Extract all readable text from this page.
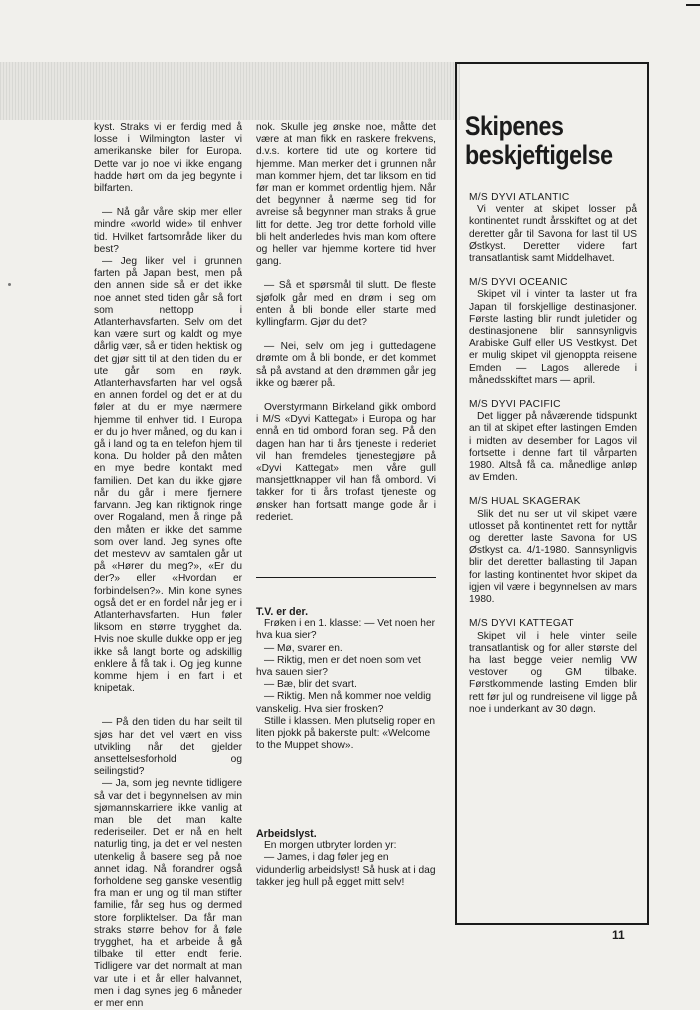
kyst. Straks vi er ferdig med å losse i Wilmington laster vi amerikanske biler for Europa. Dette var jo noe vi ikke engang hadde hørt om da jeg begynte i bilfarten.

— Nå går våre skip mer eller mindre «world wide» til enhver tid. Hvilket fartsområde liker du best?

— Jeg liker vel i grunnen farten på Japan best, men på den annen side så er det ikke noe annet sted tiden går så fort som nettopp i Atlanterhavsfarten. Selv om det kan være surt og kaldt og mye dårlig vær, så er tiden hektisk og det gjør sitt til at den tiden du er ute går som en røyk. Atlanterhavsfarten har vel også en annen fordel og det er at du føler at du er mye nærmere hjemme til enhver tid. I Europa er du jo hver måned, og du kan i gå i land og ta en telefon hjem til kona. Du holder på den måten en mye bedre kontakt med familien. Det kan du ikke gjøre når du går i mere fjernere farvann. Jeg kan riktignok ringe over Rogaland, men å ringe på den måten er ikke det samme som over land. Jeg synes ofte det mestevv av samtalen går ut på «Hører du meg?», «Er du der?» eller «Hvordan er forbindelsen?». Min kone synes også det er en fordel når jeg er i Atlanterhavsfarten. Hun føler liksom en større trygghet da. Hvis noe skulle dukke opp er jeg ikke så langt borte og adskillig enklere å få tak i. Og jeg kunne komme hjem i en fart i et knipetak.

— På den tiden du har seilt til sjøs har det vel vært en viss utvikling når det gjelder ansettelsesforhold og seilingstid?

— Ja, som jeg nevnte tidligere så var det i begynnelsen av min sjømannskarriere ikke vanlig at man ble det man kalte rederiseiler. Det er nå en helt naturlig ting, ja det er vel nesten utenkelig å basere seg på noe annet idag. Nå forandrer også forholdene seg ganske vesentlig fra man er ung og til man stifter familie, får seg hus og dermed store forpliktelser. Da får man straks større behov for å føle trygghet, ha et arbeide å gå tilbake til etter endt ferie. Tidligere var det normalt at man var ute i et år eller halvannet, men i dag synes jeg 6 måneder er mer enn

nok. Skulle jeg ønske noe, måtte det være at man fikk en raskere frekvens, d.v.s. kortere tid ute og kortere tid hjemme. Man merker det i grunnen når man kommer hjem, det tar liksom en tid før man er kommet ordentlig hjem. Når det begynner å nærme seg tid for avreise så begynner man straks å grue litt for dette. Jeg tror dette forhold ville bli helt anderledes hvis man kom oftere og heller var hjemme kortere tid hver gang.

— Så et spørsmål til slutt. De fleste sjøfolk går med en drøm i seg om enten å bli bonde eller starte med kyllingfarm. Gjør du det?

— Nei, selv om jeg i guttedagene drømte om å bli bonde, er det kommet så på avstand at den drømmen går jeg ikke og bærer på.

Overstyrmann Birkeland gikk ombord i M/S «Dyvi Kattegat» i Europa og har ennå en tid ombord foran seg. På den dagen han har ti års tjeneste i rederiet vil han fremdeles tjenestegjøre på «Dyvi Kattegat» men våre gull mansjettknapper vil han få ombord. Vi takker for ti års trofast tjeneste og ønsker han fortsatt mange gode år i rederiet.

T.V. er der.

Frøken i en 1. klasse: — Vet noen her hva kua sier?

— Mø, svarer en.

— Riktig, men er det noen som vet hva sauen sier?

— Bæ, blir det svart.

— Riktig. Men nå kommer noe veldig vanskelig. Hva sier frosken?

Stille i klassen. Men plutselig roper en liten pjokk på bakerste pult: «Welcome to the Muppet show».

Arbeidslyst.

En morgen utbryter lorden yr:

— James, i dag føler jeg en vidunderlig arbeidslyst! Så husk at i dag takker jeg hull på egget mitt selv!

Skipenes
beskjeftigelse

M/S DYVI ATLANTIC

Vi venter at skipet losser på kontinentet rundt årsskiftet og at det deretter går til Savona for last til US Østkyst. Deretter videre fart transatlantisk samt Middelhavet.

M/S DYVI OCEANIC

Skipet vil i vinter ta laster ut fra Japan til forskjellige destinasjoner. Første lasting blir rundt juletider og destinasjonene blir sannsynligvis Arabiske Gulf eller US Vestkyst. Det er mulig skipet vil gjenoppta reisene Emden — Lagos allerede i månedsskiftet mars — april.

M/S DYVI PACIFIC

Det ligger på nåværende tidspunkt an til at skipet efter lastingen Emden i midten av desember for Lagos vil fortsette i denne fart til vårparten 1980. Altså få ca. månedlige anløp av Emden.

M/S HUAL SKAGERAK

Slik det nu ser ut vil skipet være utlosset på kontinentet rett for nyttår og deretter laste Savona for US Østkyst ca. 4/1-1980. Sannsynligvis blir det deretter ballasting til Japan for lasting kontinentet hvor skipet da igjen vil være i begynnelsen av mars 1980.

M/S DYVI KATTEGAT

Skipet vil i hele vinter seile transatlantisk og for aller største del ha last begge veier nemlig VW vestover og GM tilbake. Førstkommende lasting Emden blir rett før jul og rundreisene vil ligge på noe i underkant av 30 døgn.

11
